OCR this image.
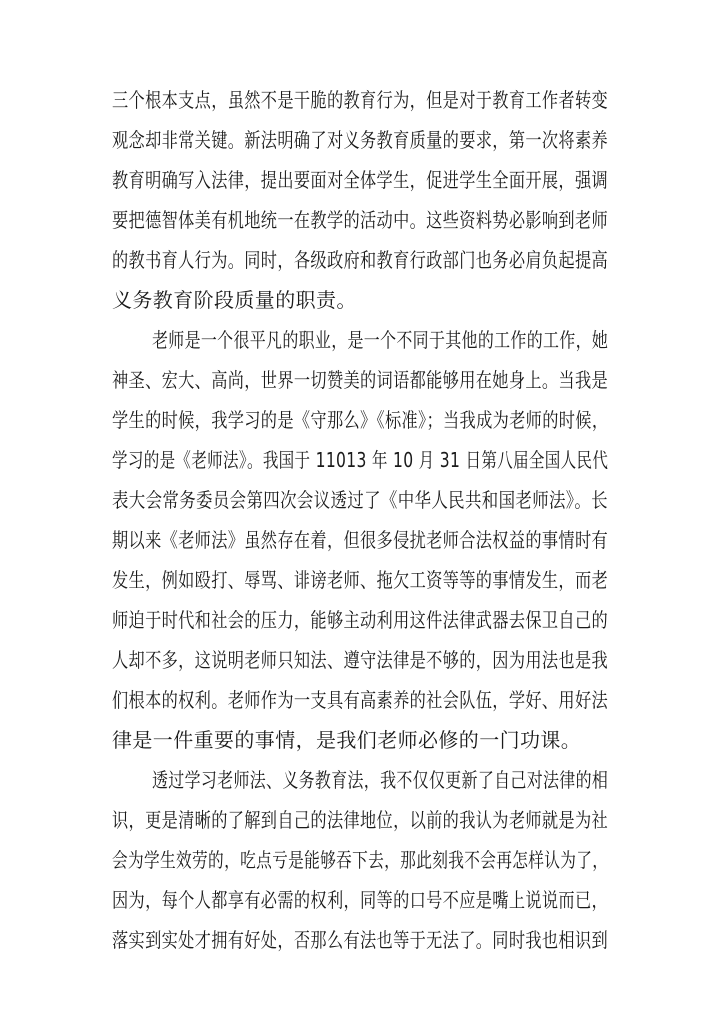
三个根本支点，虽然不是干脆的教育行为，但是对于教育工作者转变
观念却非常关键。新法明确了对义务教育质量的要求，第一次将素养
教育明确写入法律，提出要面对全体学生，促进学生全面开展，强调
要把德智体美有机地统一在教学的活动中。这些资料势必影响到老师
的教书育人行为。同时，各级政府和教育行政部门也务必肩负起提高
义务教育阶段质量的职责。
老师是一个很平凡的职业，是一个不同于其他的工作的工作，她
神圣、宏大、高尚，世界一切赞美的词语都能够用在她身上。当我是
学生的时候，我学习的是《守那么》《标准》；当我成为老师的时候，
学习的是《老师法》。我国于 11013 年 10 月 31 日第八届全国人民代
表大会常务委员会第四次会议透过了《中华人民共和国老师法》。长
期以来《老师法》虽然存在着，但很多侵扰老师合法权益的事情时有
发生，例如殴打、辱骂、诽谤老师、拖欠工资等等的事情发生，而老
师迫于时代和社会的压力，能够主动利用这件法律武器去保卫自己的
人却不多，这说明老师只知法、遵守法律是不够的，因为用法也是我
们根本的权利。老师作为一支具有高素养的社会队伍，学好、用好法
律是一件重要的事情，是我们老师必修的一门功课。
透过学习老师法、义务教育法，我不仅仅更新了自己对法律的相
识，更是清晰的了解到自己的法律地位，以前的我认为老师就是为社
会为学生效劳的，吃点亏是能够吞下去，那此刻我不会再怎样认为了，
因为，每个人都享有必需的权利，同等的口号不应是嘴上说说而已，
落实到实处才拥有好处，否那么有法也等于无法了。同时我也相识到
